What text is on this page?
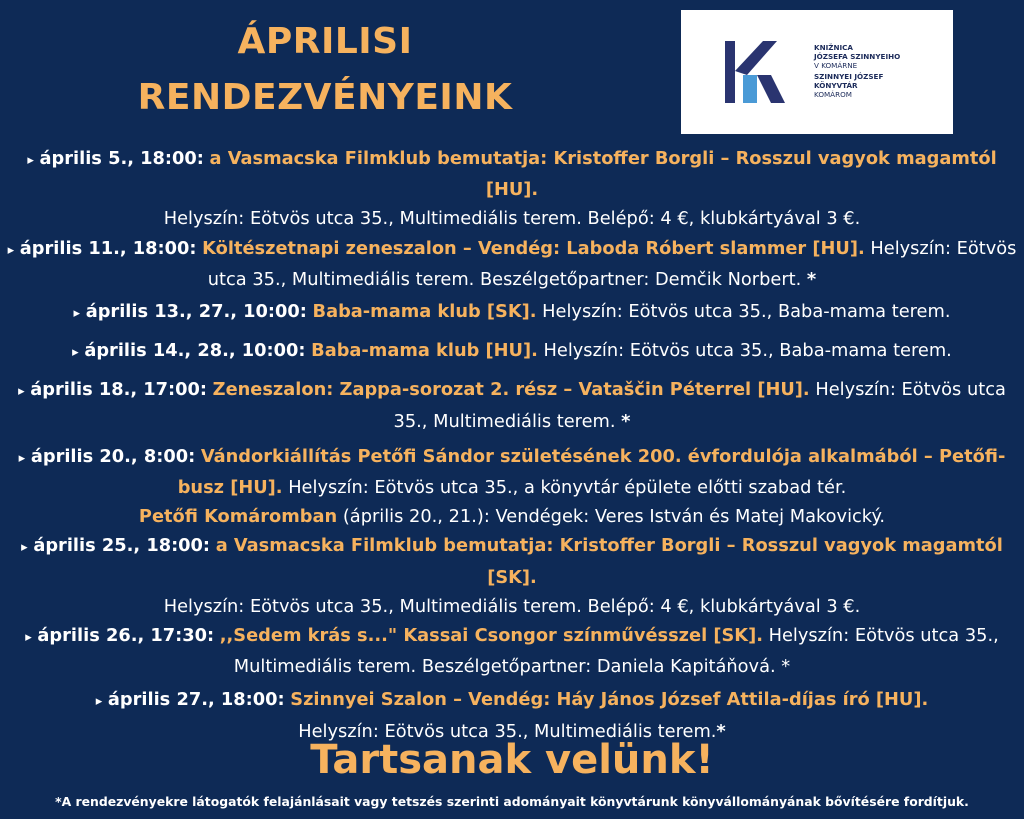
ÁPRILISI
RENDEZVÉNYEINK
KNIŽNICA
JÓZSEFA SZINNYEIHO
V KOMÁRNE
SZINNYEI JÓZSEF
KÖNYVTÁR
KOMÁROM

▸ április 5., 18:00: a Vasmacska Filmklub bemutatja: Kristoffer Borgli – Rosszul vagyok magamtól [HU].
Helyszín: Eötvös utca 35., Multimediális terem. Belépő: 4 €, klubkártyával 3 €.

▸ április 11., 18:00: Költészetnapi zeneszalon – Vendég: Laboda Róbert slammer [HU]. Helyszín: Eötvös utca 35., Multimediális terem. Beszélgetőpartner: Demčik Norbert. *

▸ április 13., 27., 10:00: Baba-mama klub [SK]. Helyszín: Eötvös utca 35., Baba-mama terem.

▸ április 14., 28., 10:00: Baba-mama klub [HU]. Helyszín: Eötvös utca 35., Baba-mama terem.

▸ április 18., 17:00: Zeneszalon: Zappa-sorozat 2. rész – Vataščin Péterrel [HU]. Helyszín: Eötvös utca 35., Multimediális terem. *

▸ április 20., 8:00: Vándorkiállítás Petőfi Sándor születésének 200. évfordulója alkalmából – Petőfi-busz [HU]. Helyszín: Eötvös utca 35., a könyvtár épülete előtti szabad tér.
Petőfi Komáromban (április 20., 21.): Vendégek: Veres István és Matej Makovický.

▸ április 25., 18:00: a Vasmacska Filmklub bemutatja: Kristoffer Borgli – Rosszul vagyok magamtól [SK].
Helyszín: Eötvös utca 35., Multimediális terem. Belépő: 4 €, klubkártyával 3 €.

▸ április 26., 17:30: ,,Sedem krás s..." Kassai Csongor színművésszel [SK]. Helyszín: Eötvös utca 35., Multimediális terem. Beszélgetőpartner: Daniela Kapitáňová. *

▸ április 27., 18:00: Szinnyei Szalon – Vendég: Háy János József Attila-díjas író [HU].
Helyszín: Eötvös utca 35., Multimediális terem.*

Tartsanak velünk!
*A rendezvényekre látogatók felajánlásait vagy tetszés szerinti adományait könyvtárunk könyvállományának bővítésére fordítjuk.
